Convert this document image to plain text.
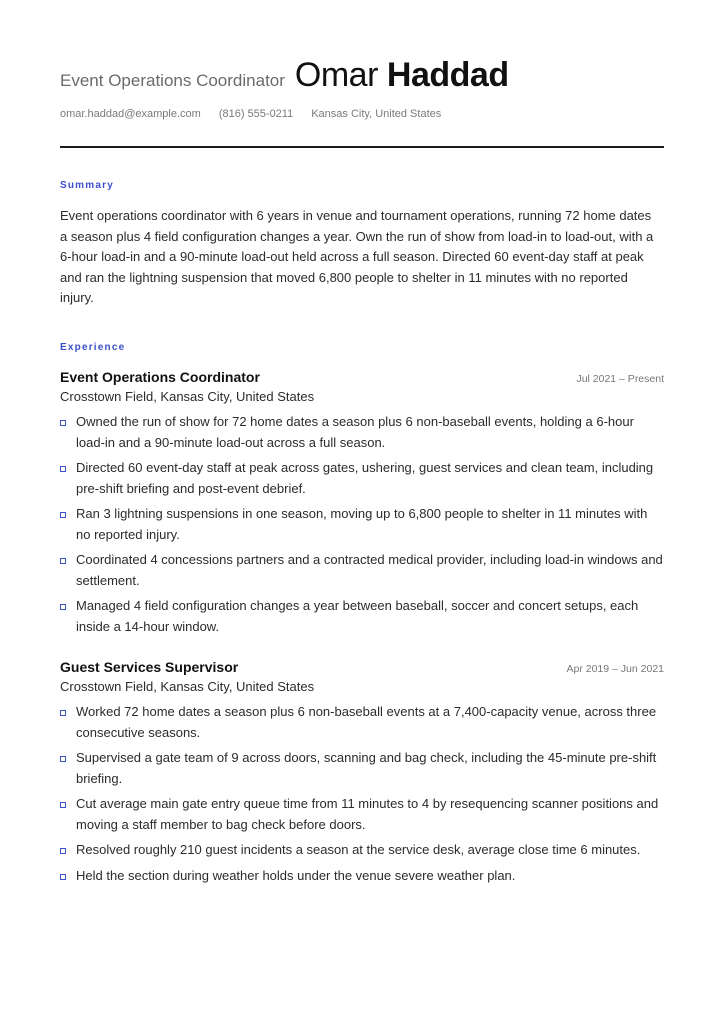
Event Operations Coordinator Omar Haddad
omar.haddad@example.com (816) 555-0211 Kansas City, United States
Summary

Event operations coordinator with 6 years in venue and tournament operations, running 72 home dates a season plus 4 field configuration changes a year. Own the run of show from load-in to load-out, with a 6-hour load-in and a 90-minute load-out held across a full season. Directed 60 event-day staff at peak and ran the lightning suspension that moved 6,800 people to shelter in 11 minutes with no reported injury.

Experience
Event Operations Coordinator	Jul 2021 – Present
Crosstown Field, Kansas City, United States
Owned the run of show for 72 home dates a season plus 6 non-baseball events, holding a 6-hour load-in and a 90-minute load-out across a full season.
Directed 60 event-day staff at peak across gates, ushering, guest services and clean team, including pre-shift briefing and post-event debrief.
Ran 3 lightning suspensions in one season, moving up to 6,800 people to shelter in 11 minutes with no reported injury.
Coordinated 4 concessions partners and a contracted medical provider, including load-in windows and settlement.
Managed 4 field configuration changes a year between baseball, soccer and concert setups, each inside a 14-hour window.
Guest Services Supervisor	Apr 2019 – Jun 2021
Crosstown Field, Kansas City, United States
Worked 72 home dates a season plus 6 non-baseball events at a 7,400-capacity venue, across three consecutive seasons.
Supervised a gate team of 9 across doors, scanning and bag check, including the 45-minute pre-shift briefing.
Cut average main gate entry queue time from 11 minutes to 4 by resequencing scanner positions and moving a staff member to bag check before doors.
Resolved roughly 210 guest incidents a season at the service desk, average close time 6 minutes.
Held the section during weather holds under the venue severe weather plan.
